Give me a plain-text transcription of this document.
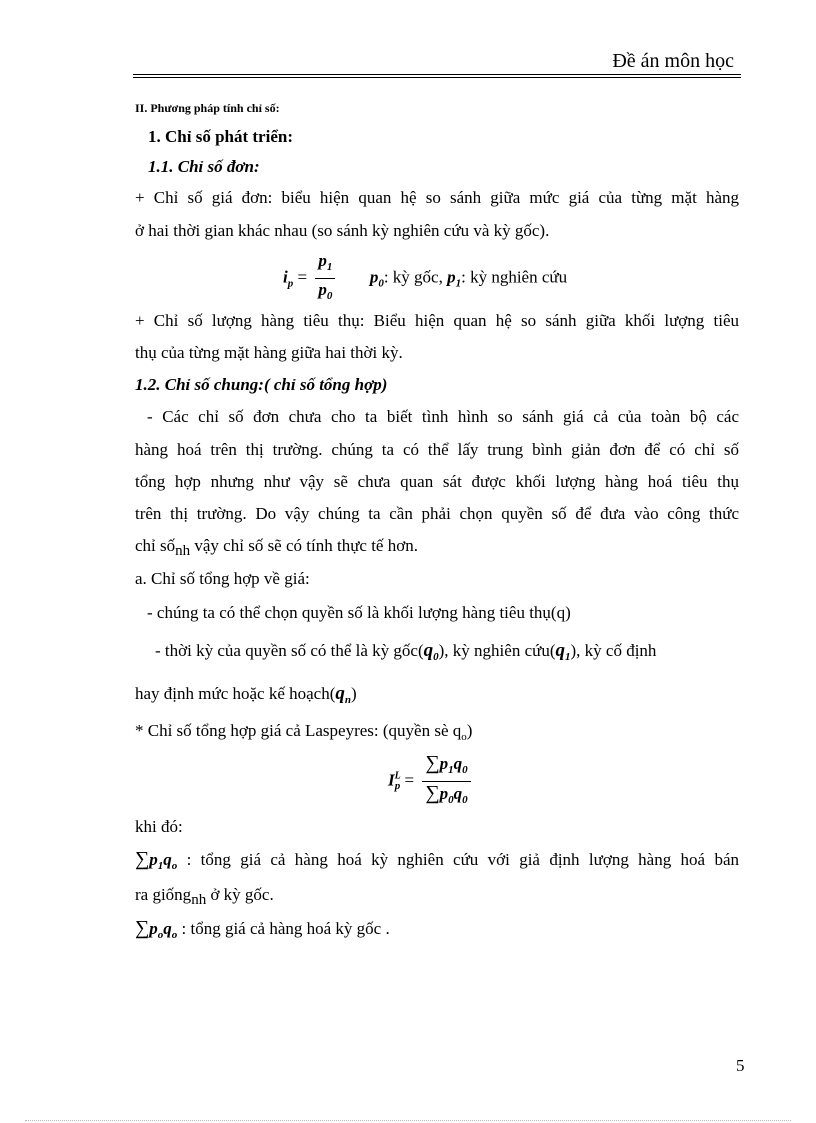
Đề án môn học
II. Phương pháp tính chỉ số:
1. Chỉ số phát triển:
1.1. Chỉ số đơn:
+ Chỉ số giá đơn: biểu hiện quan hệ so sánh giữa mức giá của từng mặt hàng
ở hai thời gian khác nhau (so sánh kỳ nghiên cứu và kỳ gốc).
$i_p = \frac{p_1}{p_0} p_0$: kỳ gốc, $p_1$: kỳ nghiên cứu
+ Chỉ số lượng hàng tiêu thụ: Biểu hiện quan hệ so sánh giữa khối lượng tiêu
thụ của từng mặt hàng giữa hai thời kỳ.
1.2. Chỉ số chung:( chỉ số tổng hợp)
- Các chỉ số đơn chưa cho ta biết tình hình so sánh giá cả của toàn bộ các
hàng hoá trên thị trường. chúng ta có thể lấy trung bình giản đơn để có chỉ số
tổng hợp nhưng như vậy sẽ chưa quan sát được khối lượng hàng hoá tiêu thụ
trên thị trường. Do vậy chúng ta cần phải chọn quyền số để đưa vào công thức
chỉ sốnh vậy chỉ số sẽ có tính thực tế hơn.
a. Chỉ số tổng hợp về giá:
- chúng ta có thể chọn quyền số là khối lượng hàng tiêu thụ(q)
- thời kỳ của quyền số có thể là kỳ $gốc(q_0)$, kỳ nghiên $cứu(q_1)$, kỳ cố định
hay định mức hoặc kế $hoạch(q_n)$
* Chỉ số tổng hợp giá cả Laspeyres: (quyền sè $q_o$)
$I^L_p = \frac{\sum p_1q_0}{\sum p_0q_0}$
khi đó:
$\sum p_1q_o$ : tổng giá cả hàng hoá kỳ nghiên cứu với giả định lượng hàng hoá bán
ra giốngnh ở kỳ gốc.
$\sum p_oq_o$ : tổng giá cả hàng hoá kỳ gốc .
5
